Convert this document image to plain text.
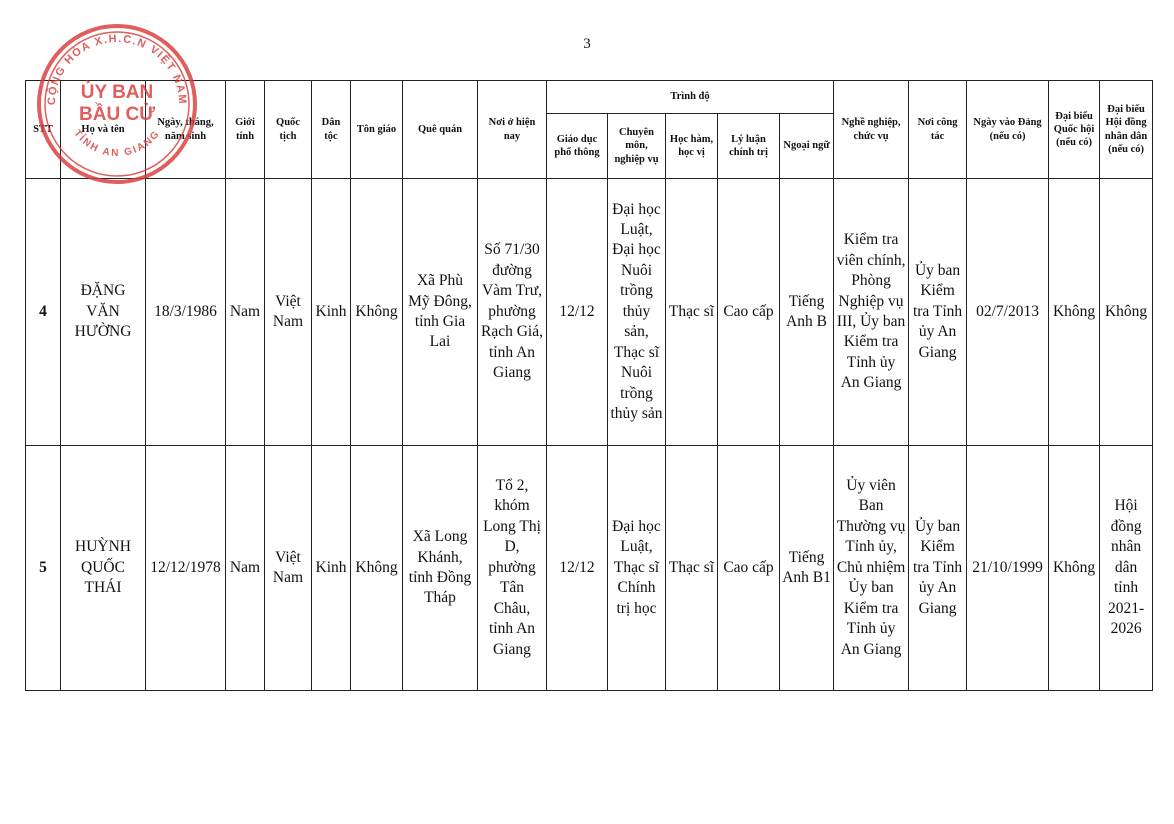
3
STT	Họ và tên	Ngày, tháng, năm sinh	Giới tính	Quốc tịch	Dân tộc	Tôn giáo	Quê quán	Nơi ở hiện nay	Trình độ					Nghề nghiệp, chức vụ	Nơi công tác	Ngày vào Đảng (nếu có)	Đại biểu Quốc hội (nếu có)	Đại biểu Hội đồng nhân dân (nếu có)
									Giáo dục phổ thông	Chuyên môn, nghiệp vụ	Học hàm, học vị	Lý luận chính trị	Ngoại ngữ					
4	ĐẶNG VĂN HƯỜNG	18/3/1986	Nam	Việt Nam	Kinh	Không	Xã Phù Mỹ Đông, tỉnh Gia Lai	Số 71/30 đường Vàm Trư, phường Rạch Giá, tỉnh An Giang	12/12	Đại học Luật, Đại học Nuôi trồng thủy sản, Thạc sĩ Nuôi trồng thủy sản	Thạc sĩ	Cao cấp	Tiếng Anh B	Kiểm tra viên chính, Phòng Nghiệp vụ III, Ủy ban Kiểm tra Tỉnh ủy An Giang	Ủy ban Kiểm tra Tỉnh ủy An Giang	02/7/2013	Không	Không
5	HUỲNH QUỐC THÁI	12/12/1978	Nam	Việt Nam	Kinh	Không	Xã Long Khánh, tỉnh Đồng Tháp	Tổ 2, khóm Long Thị D, phường Tân Châu, tỉnh An Giang	12/12	Đại học Luật, Thạc sĩ Chính trị học	Thạc sĩ	Cao cấp	Tiếng Anh B1	Ủy viên Ban Thường vụ Tỉnh ủy, Chủ nhiệm Ủy ban Kiểm tra Tỉnh ủy An Giang	Ủy ban Kiểm tra Tỉnh ủy An Giang	21/10/1999	Không	Hội đồng nhân dân tỉnh 2021-2026
CỘNG HÒA X.H.C.N VIỆT NAM
TỈNH AN GIANG
ỦY BAN
BẦU CỬ
